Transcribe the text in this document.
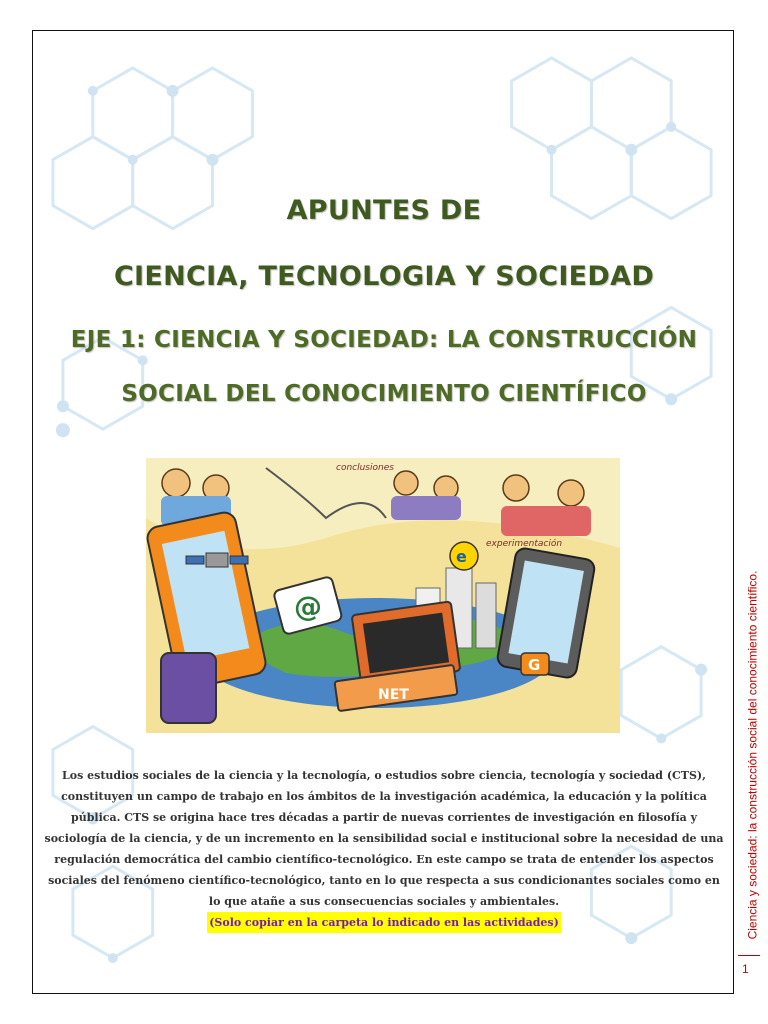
APUNTES DE
CIENCIA, TECNOLOGIA Y SOCIEDAD
EJE 1: CIENCIA Y SOCIEDAD: LA CONSTRUCCIÓN
SOCIAL DEL CONOCIMIENTO CIENTÍFICO
conclusiones
experimentación
NET
@
e
G
Los estudios sociales de la ciencia y la tecnología, o estudios sobre ciencia, tecnología y sociedad (CTS), constituyen un campo de trabajo en los ámbitos de la investigación académica, la educación y la política pública. CTS se origina hace tres décadas a partir de nuevas corrientes de investigación en filosofía y sociología de la ciencia, y de un incremento en la sensibilidad social e institucional sobre la necesidad de una regulación democrática del cambio científico-tecnológico. En este campo se trata de entender los aspectos sociales del fenómeno científico-tecnológico, tanto en lo que respecta a sus condicionantes sociales como en lo que atañe a sus consecuencias sociales y ambientales.
(Solo copiar en la carpeta lo indicado en las actividades)	Ciencia y sociedad: la construcción social del conocimiento científico.
1
